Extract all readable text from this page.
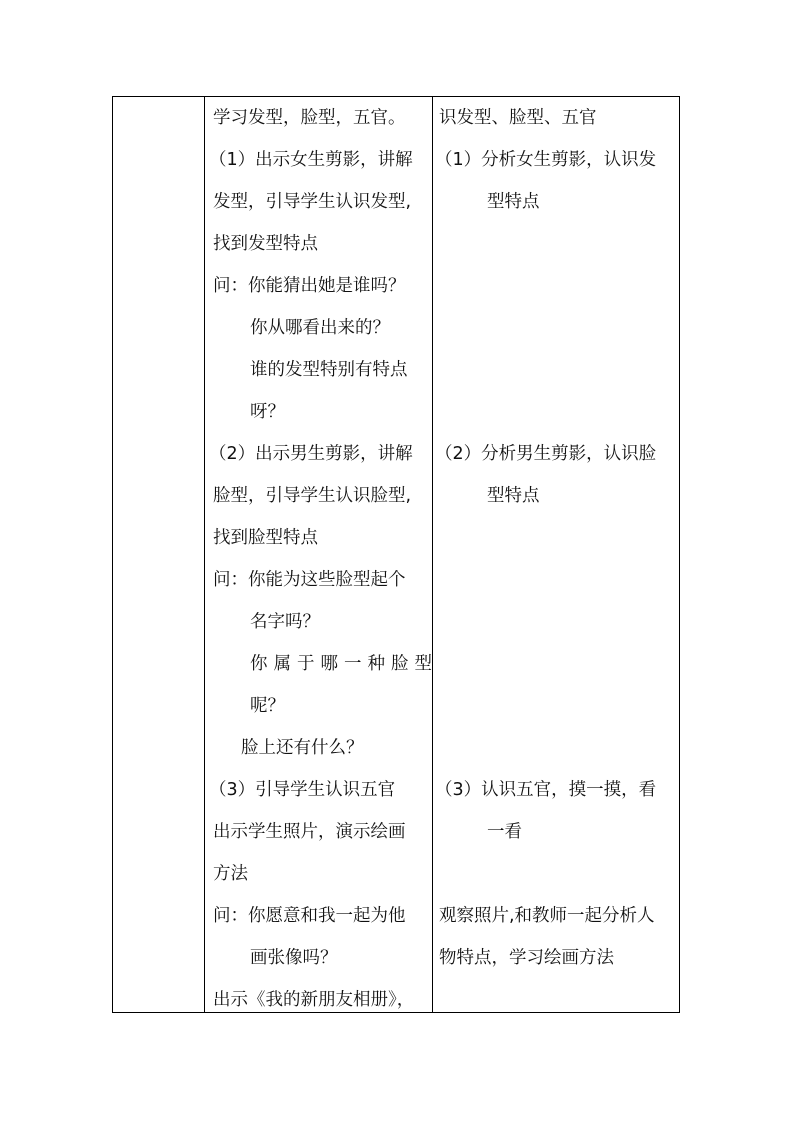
学习发型，脸型，五官。
（1）出示女生剪影，讲解
发型，引导学生认识发型,
找到发型特点
问：你能猜出她是谁吗？
你从哪看出来的？
谁的发型特别有特点
呀？
（2）出示男生剪影，讲解
脸型，引导学生认识脸型,
找到脸型特点
问：你能为这些脸型起个
名字吗？
你属于哪一种脸型
呢？
脸上还有什么？
（3）引导学生认识五官
出示学生照片，演示绘画
方法
问：你愿意和我一起为他
画张像吗？
出示《我的新朋友相册》，
识发型、脸型、五官
（1）分析女生剪影，认识发
型特点
（2）分析男生剪影，认识脸
型特点
（3）认识五官，摸一摸，看
一看
观察照片,和教师一起分析人
物特点，学习绘画方法
